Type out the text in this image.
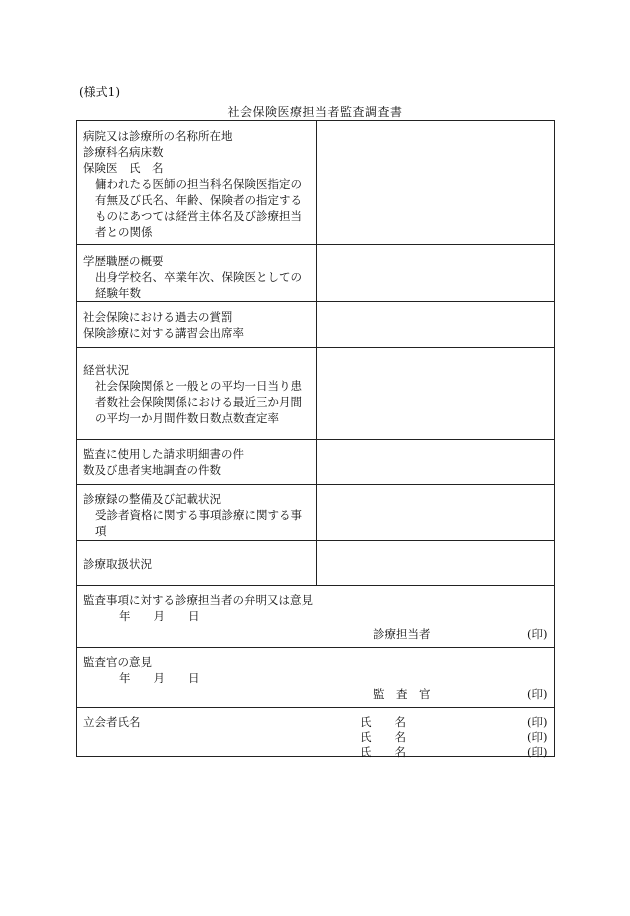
(様式1)
社会保険医療担当者監査調査書
病院又は診療所の名称所在地
診療科名病床数
保険医　氏　名
傭われたる医師の担当科名保険医指定の
有無及び氏名、年齢、保険者の指定する
ものにあつては経営主体名及び診療担当
者との関係
学歴職歴の概要
出身学校名、卒業年次、保険医としての
経験年数
社会保険における過去の賞罰
保険診療に対する講習会出席率
経営状況
社会保険関係と一般との平均一日当り患
者数社会保険関係における最近三か月間
の平均一か月間件数日数点数査定率
監査に使用した請求明細書の件
数及び患者実地調査の件数
診療録の整備及び記載状況
受診者資格に関する事項診療に関する事
項
診療取扱状況
監査事項に対する診療担当者の弁明又は意見
年　　月　　日
診療担当者	(印)
監査官の意見
年　　月　　日
監　査　官	(印)
立会者氏名	氏　　名	(印)
氏　　名	(印)
氏　　名	(印)
